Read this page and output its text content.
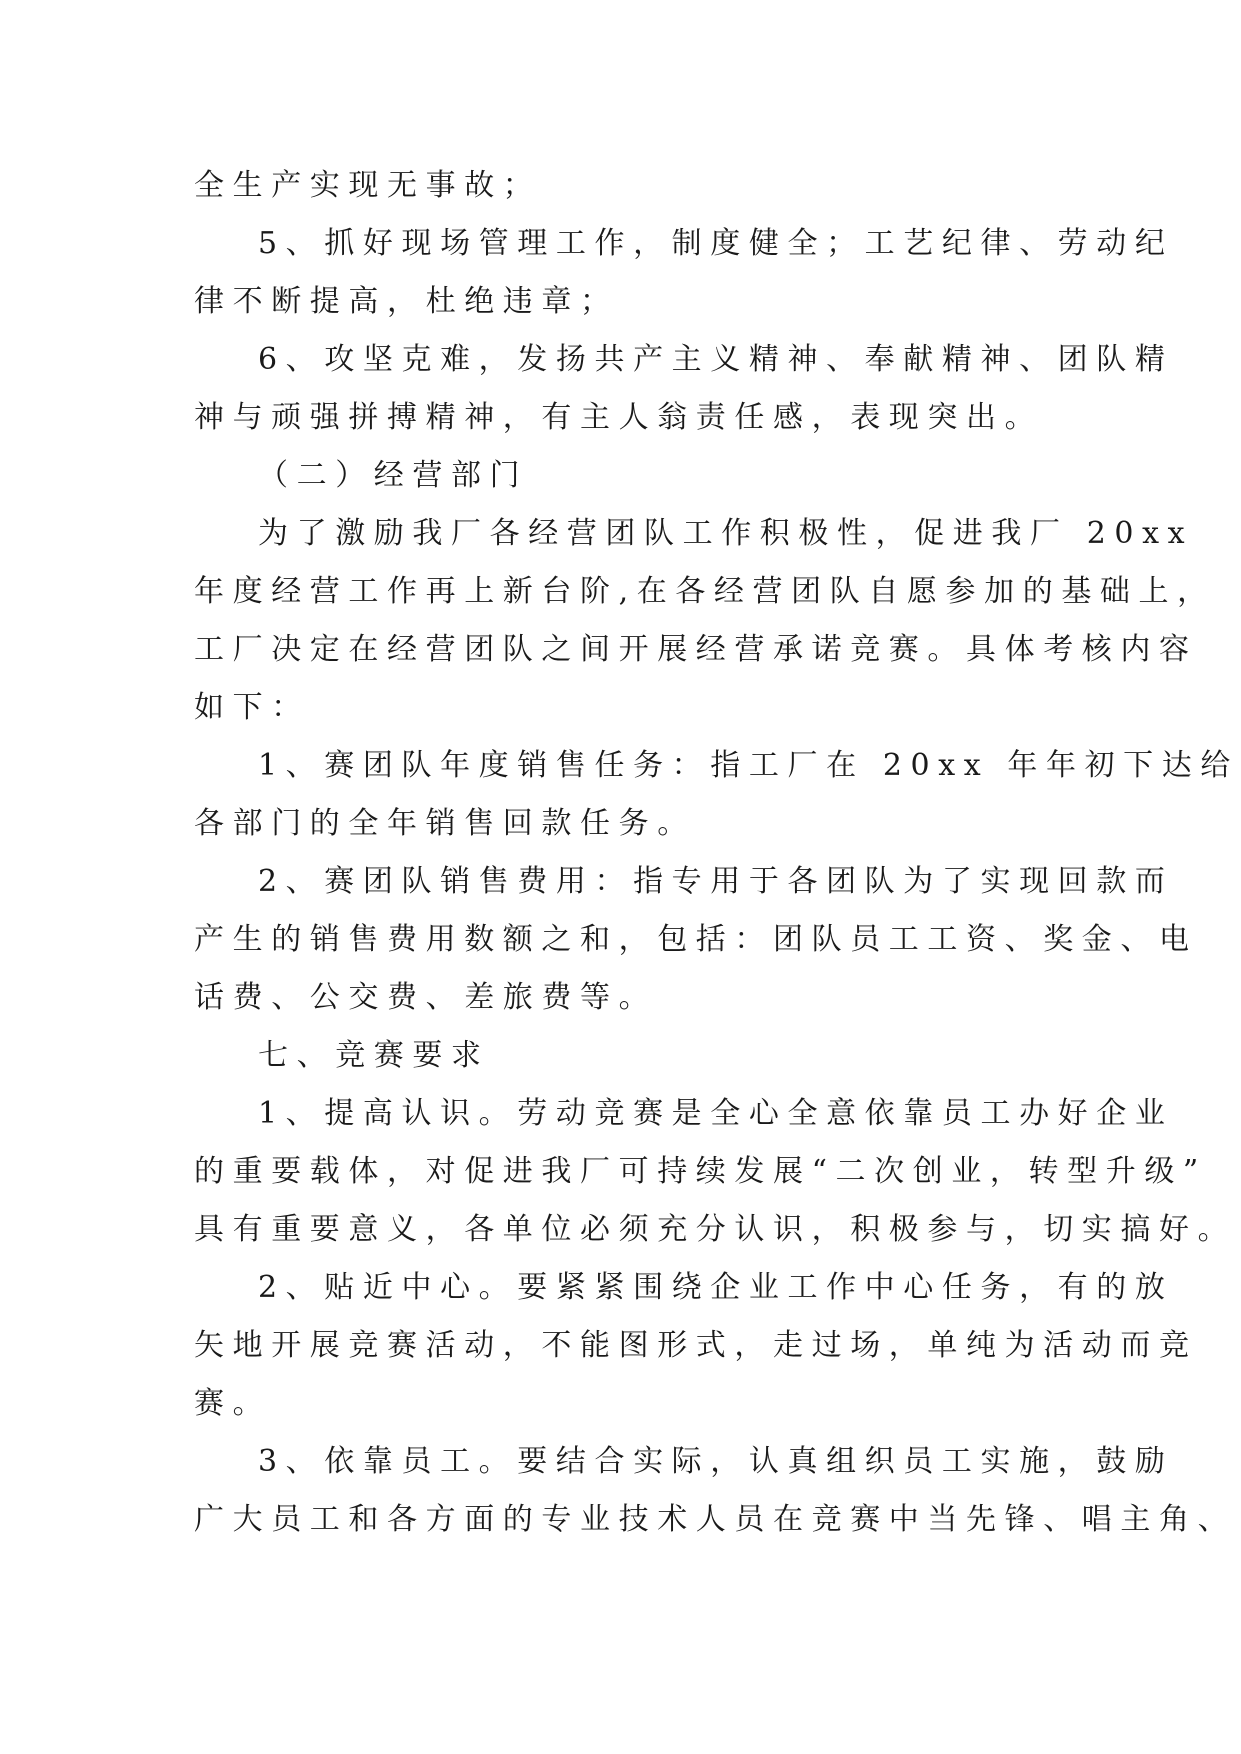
全生产实现无事故；

5、抓好现场管理工作，制度健全；工艺纪律、劳动纪

律不断提高，杜绝违章；

6、攻坚克难，发扬共产主义精神、奉献精神、团队精

神与顽强拼搏精神，有主人翁责任感，表现突出。

（二）经营部门

为了激励我厂各经营团队工作积极性，促进我厂 20xx

年度经营工作再上新台阶,在各经营团队自愿参加的基础上，

工厂决定在经营团队之间开展经营承诺竞赛。具体考核内容

如下：

1、赛团队年度销售任务：指工厂在 20xx 年年初下达给

各部门的全年销售回款任务。

2、赛团队销售费用：指专用于各团队为了实现回款而

产生的销售费用数额之和，包括：团队员工工资、奖金、电

话费、公交费、差旅费等。

七、竞赛要求

1、提高认识。劳动竞赛是全心全意依靠员工办好企业

的重要载体，对促进我厂可持续发展“二次创业，转型升级”

具有重要意义，各单位必须充分认识，积极参与，切实搞好。

2、贴近中心。要紧紧围绕企业工作中心任务，有的放

矢地开展竞赛活动，不能图形式，走过场，单纯为活动而竞

赛。

3、依靠员工。要结合实际，认真组织员工实施，鼓励

广大员工和各方面的专业技术人员在竞赛中当先锋、唱主角、
